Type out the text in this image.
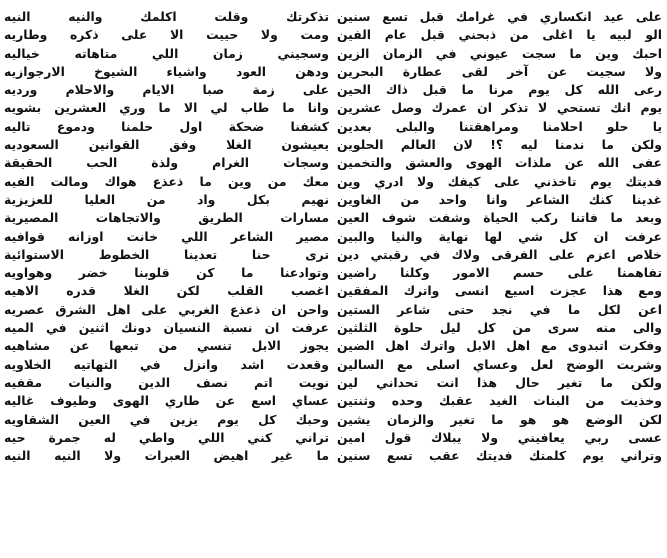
على عيد انكساري في غرامك قبل تسع سنين
الو لبيه يا اغلى من ذبحني قبل عام الفين
احبك وين ما سجت عيوني في الزمان الزين
ولا سجيت عن آخر لقى عطارة البحرين
رعى الله كل يوم مرنا ما قبل ذاك الحين
يوم انك تستحي لا تذكر ان عمرك وصل عشرين
يا حلو احلامنا ومراهقتنا والبلى بعدين
ولكن ما ندمنا ليه ؟! لان العالم الحلوين
عفى الله عن ملذات الهوى والعشق والتخمين
فديتك يوم تاخذني على كيفك ولا ادري وين
غدينا كنك الشاعر وانا واحد من الغاوين
وبعد ما فاتنا ركب الحياة وشفت شوف العين
عرفت ان كل شي لها نهاية والنيا والبين
خلاص اعزم على الفرقى ولاك في رقبتي دين
تفاهمنا على حسم الامور وكلنا راضين
ومع هذا عجزت اسيع انسى واترك المفقين
اعن لكل ما في نجد حتى شاعر الستين
والى منه سرى من كل ليل حلوة الثلثين
وفكرت اتبدوى مع اهل الابل واترك اهل الضين
وشربت الوضح لعل وعساي اسلى مع السالين
ولكن ما تغير حال هذا انت تحداني لين
وخذيت من البنات الغيد عقبك وحده وثنتين
لكن الوضع هو هو ما تغير والزمان يشين
عسى ربي يعافيني ولا يبلاك قول امين
وتراني يوم كلمتك فديتك عقب تسع سنين
تذكرتك وقلت اكلمك والنيه النيه
ومت ولا حييت الا على ذكره وطاريه
وسجيني زمان اللي متاهاته خياليه
ودهن العود واشياء الشيوخ الارجوازيه
على زمة صبا الايام والاحلام ورديه
وانا ما طاب لي الا ما وري العشرين بشويه
كشفنا ضحكة اول حلمنا ودموع تاليه
يعيشون الغلا وفق القوانين السعوديه
وسجات الغرام ولذة الحب الحقيقة
معك من وين ما ذعذع هواك ومالت الفيه
نهيم بكل واد من العليا للعزيزية
مسارات الطريق والاتجاهات المصيرية
مصير الشاعر اللي خانت اوزانه قوافيه
ترى حنا تعدينا الخطوط الاستوائية
وتوادعنا ما كن قلوبنا خضر وهواويه
اغصب القلب لكن الغلا قدره الاهيه
واحن ان ذعذع الغربي على اهل الشرق عصريه
عرفت ان نسبة النسيان دونك اثنين في الميه
يجوز الابل تنسي من تبعها عن مشاهيه
وقعدت اشد وانزل في التهاتيه الخلاويه
نويت اتم نصف الدين والنيات مقفيه
عساي اسع عن طاري الهوى وطيوف غاليه
وحبك كل يوم يزين في العين الشقاويه
تراني كني اللي واطي له جمرة حيه
ما غير اهيض العبرات ولا النيه النيه
